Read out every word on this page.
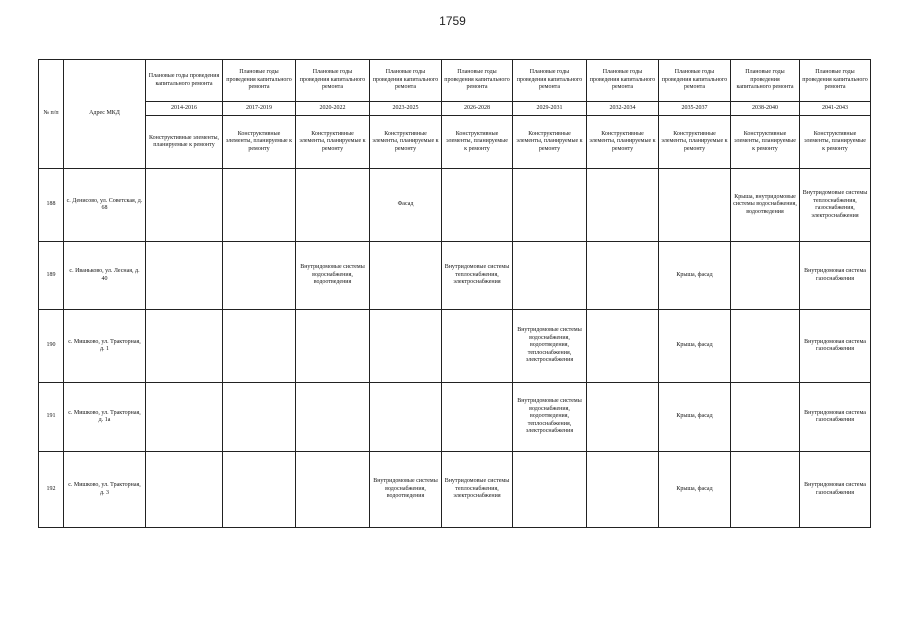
1759
№ п/п	Адрес МКД	Плановые годы проведения капитального ремонта	Плановые годы проведения капитального ремонта	Плановые годы проведения капитального ремонта	Плановые годы проведения капитального ремонта	Плановые годы проведения капитального ремонта	Плановые годы проведения капитального ремонта	Плановые годы проведения капитального ремонта	Плановые годы проведения капитального ремонта	Плановые годы проведения капитального ремонта	Плановые годы проведения капитального ремонта
		2014-2016	2017-2019	2020-2022	2023-2025	2026-2028	2029-2031	2032-2034	2035-2037	2038-2040	2041-2043
		Конструктивные элементы, планируемые к ремонту	Конструктивные элементы, планируемые к ремонту	Конструктивные элементы, планируемые к ремонту	Конструктивные элементы, планируемые к ремонту	Конструктивные элементы, планируемые к ремонту	Конструктивные элементы, планируемые к ремонту	Конструктивные элементы, планируемые к ремонту	Конструктивные элементы, планируемые к ремонту	Конструктивные элементы, планируемые к ремонту	Конструктивные элементы, планируемые к ремонту
188	с. Денисово, ул. Советская, д. 68				Фасад					Крыша, внутридомовые системы водоснабжения, водоотведения	Внутридомовые системы теплоснабжения, газоснабжения, электроснабжения
189	с. Иваньково, ул. Лесная, д. 40			Внутридомовые системы водоснабжения, водоотведения		Внутридомовые системы теплоснабжения, электроснабжения			Крыша, фасад		Внутридомовая система газоснабжения
190	с. Мишково, ул. Тракторная, д. 1						Внутридомовые системы водоснабжения, водоотведения, теплоснабжения, электроснабжения		Крыша, фасад		Внутридомовая система газоснабжения
191	с. Мишково, ул. Тракторная, д. 1а						Внутридомовые системы водоснабжения, водоотведения, теплоснабжения, электроснабжения		Крыша, фасад		Внутридомовая система газоснабжения
192	с. Мишково, ул. Тракторная, д. 3				Внутридомовые системы водоснабжения, водоотведения	Внутридомовые системы теплоснабжения, электроснабжения			Крыша, фасад		Внутридомовая система газоснабжения
